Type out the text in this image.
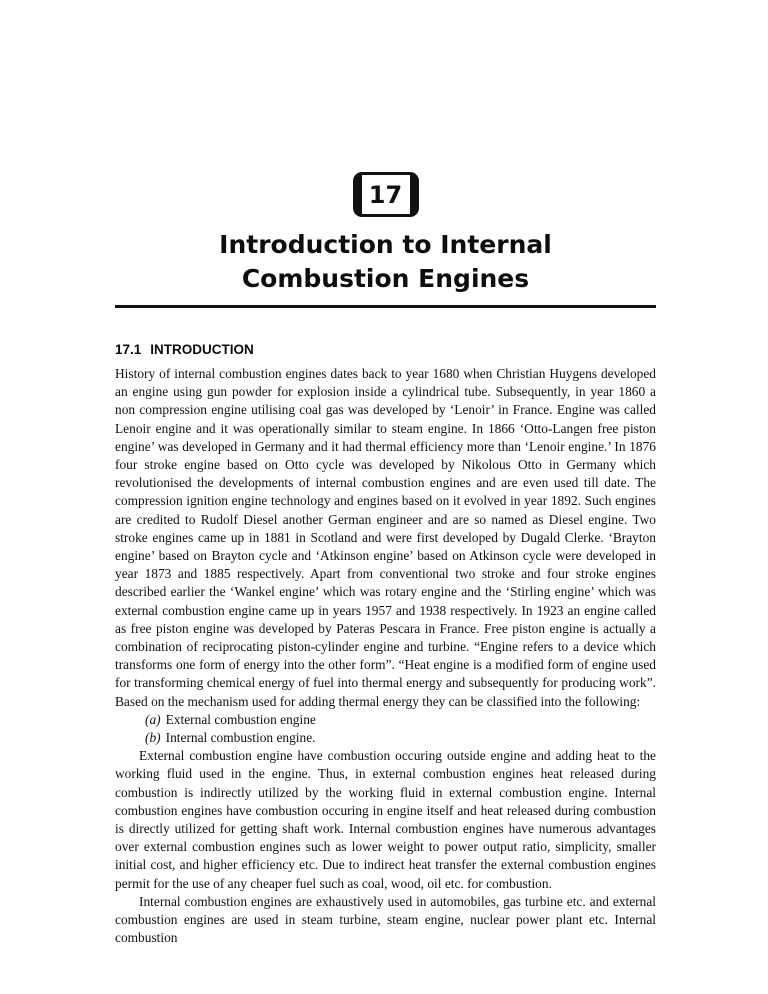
17
Introduction to Internal
Combustion Engines
17.1 INTRODUCTION
History of internal combustion engines dates back to year 1680 when Christian Huygens developed an engine using gun powder for explosion inside a cylindrical tube. Subsequently, in year 1860 a non compression engine utilising coal gas was developed by ‘Lenoir’ in France. Engine was called Lenoir engine and it was operationally similar to steam engine. In 1866 ‘Otto-Langen free piston engine’ was developed in Germany and it had thermal efficiency more than ‘Lenoir engine.’ In 1876 four stroke engine based on Otto cycle was developed by Nikolous Otto in Germany which revolutionised the developments of internal combustion engines and are even used till date. The compression ignition engine technology and engines based on it evolved in year 1892. Such engines are credited to Rudolf Diesel another German engineer and are so named as Diesel engine. Two stroke engines came up in 1881 in Scotland and were first developed by Dugald Clerke. ‘Brayton engine’ based on Brayton cycle and ‘Atkinson engine’ based on Atkinson cycle were developed in year 1873 and 1885 respectively. Apart from conventional two stroke and four stroke engines described earlier the ‘Wankel engine’ which was rotary engine and the ‘Stirling engine’ which was external combustion engine came up in years 1957 and 1938 respectively. In 1923 an engine called as free piston engine was developed by Pateras Pescara in France. Free piston engine is actually a combination of reciprocating piston-cylinder engine and turbine. “Engine refers to a device which transforms one form of energy into the other form”. “Heat engine is a modified form of engine used for transforming chemical energy of fuel into thermal energy and subsequently for producing work”. Based on the mechanism used for adding thermal energy they can be classified into the following:
(a) External combustion engine
(b) Internal combustion engine.
External combustion engine have combustion occuring outside engine and adding heat to the working fluid used in the engine. Thus, in external combustion engines heat released during combustion is indirectly utilized by the working fluid in external combustion engine. Internal combustion engines have combustion occuring in engine itself and heat released during combustion is directly utilized for getting shaft work. Internal combustion engines have numerous advantages over external combustion engines such as lower weight to power output ratio, simplicity, smaller initial cost, and higher efficiency etc. Due to indirect heat transfer the external combustion engines permit for the use of any cheaper fuel such as coal, wood, oil etc. for combustion.
Internal combustion engines are exhaustively used in automobiles, gas turbine etc. and external combustion engines are used in steam turbine, steam engine, nuclear power plant etc. Internal combustion
